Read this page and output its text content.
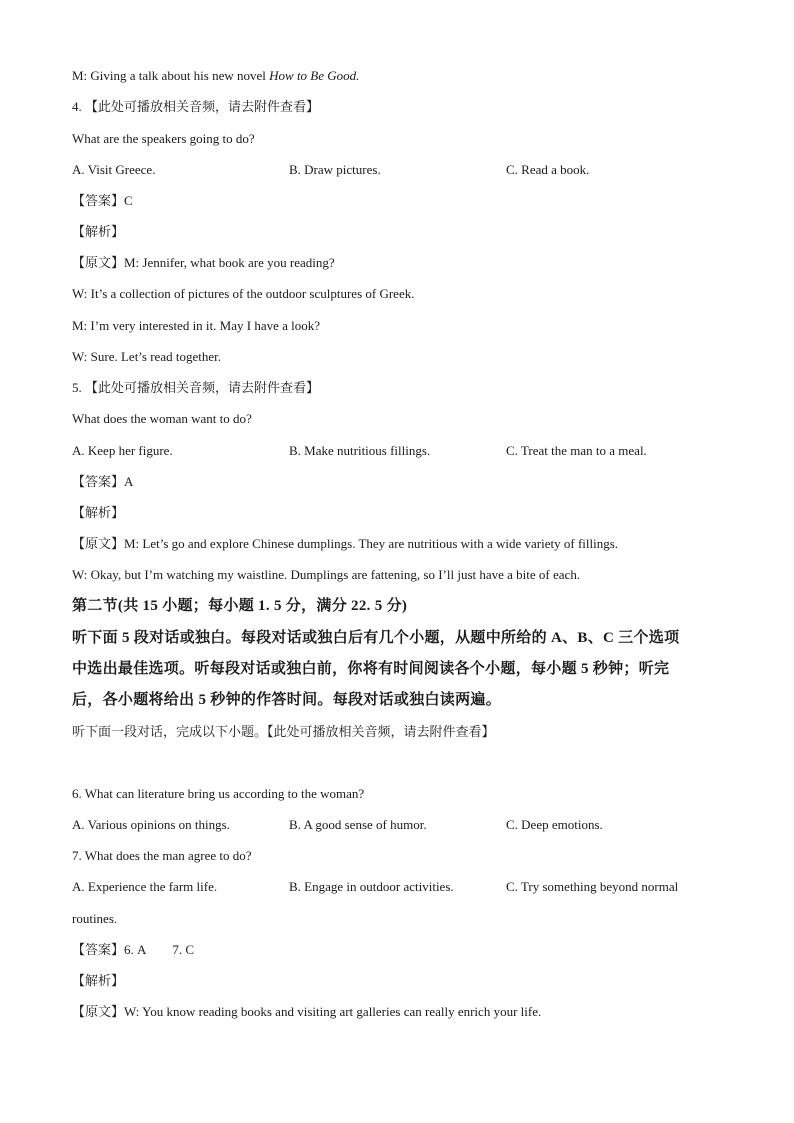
M: Giving a talk about his new novel How to Be Good.
4. 【此处可播放相关音频，请去附件查看】
What are the speakers going to do?
A. Visit Greece.	B. Draw pictures.	C. Read a book.
【答案】C
【解析】
【原文】M: Jennifer, what book are you reading?
W: It’s a collection of pictures of the outdoor sculptures of Greek.
M: I’m very interested in it. May I have a look?
W: Sure. Let’s read together.
5. 【此处可播放相关音频，请去附件查看】
What does the woman want to do?
A. Keep her figure.	B. Make nutritious fillings.	C. Treat the man to a meal.
【答案】A
【解析】
【原文】M: Let’s go and explore Chinese dumplings. They are nutritious with a wide variety of fillings.
W: Okay, but I’m watching my waistline. Dumplings are fattening, so I’ll just have a bite of each.
第二节(共 15 小题；每小题 1. 5 分，满分 22. 5 分)
听下面 5 段对话或独白。每段对话或独白后有几个小题，从题中所给的 A、B、C 三个选项
中选出最佳选项。听每段对话或独白前，你将有时间阅读各个小题，每小题 5 秒钟；听完
后，各小题将给出 5 秒钟的作答时间。每段对话或独白读两遍。
听下面一段对话，完成以下小题。【此处可播放相关音频，请去附件查看】
6. What can literature bring us according to the woman?
A. Various opinions on things.	B. A good sense of humor.	C. Deep emotions.
7. What does the man agree to do?
A. Experience the farm life.	B. Engage in outdoor activities.	C. Try something beyond normal
routines.
【答案】6. A 7. C
【解析】
【原文】W: You know reading books and visiting art galleries can really enrich your life.
